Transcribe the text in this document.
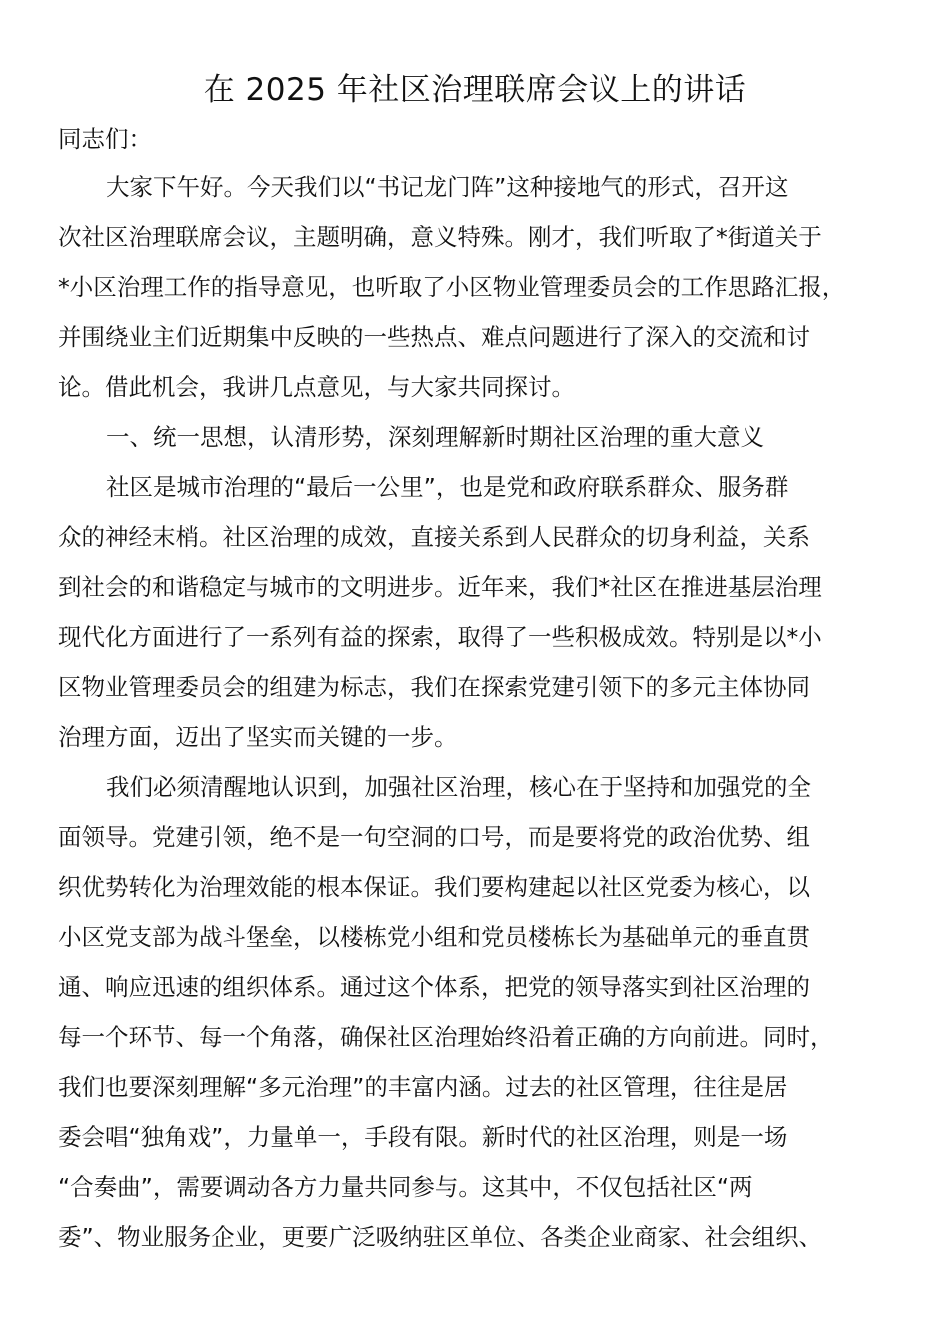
在 2025 年社区治理联席会议上的讲话

同志们：

大家下午好。今天我们以“书记龙门阵”这种接地气的形式，召开这

次社区治理联席会议，主题明确，意义特殊。刚才，我们听取了*街道关于

*小区治理工作的指导意见，也听取了小区物业管理委员会的工作思路汇报，

并围绕业主们近期集中反映的一些热点、难点问题进行了深入的交流和讨

论。借此机会，我讲几点意见，与大家共同探讨。

一、统一思想，认清形势，深刻理解新时期社区治理的重大意义

社区是城市治理的“最后一公里”，也是党和政府联系群众、服务群

众的神经末梢。社区治理的成效，直接关系到人民群众的切身利益，关系

到社会的和谐稳定与城市的文明进步。近年来，我们*社区在推进基层治理

现代化方面进行了一系列有益的探索，取得了一些积极成效。特别是以*小

区物业管理委员会的组建为标志，我们在探索党建引领下的多元主体协同

治理方面，迈出了坚实而关键的一步。

我们必须清醒地认识到，加强社区治理，核心在于坚持和加强党的全

面领导。党建引领，绝不是一句空洞的口号，而是要将党的政治优势、组

织优势转化为治理效能的根本保证。我们要构建起以社区党委为核心，以

小区党支部为战斗堡垒，以楼栋党小组和党员楼栋长为基础单元的垂直贯

通、响应迅速的组织体系。通过这个体系，把党的领导落实到社区治理的

每一个环节、每一个角落，确保社区治理始终沿着正确的方向前进。同时，

我们也要深刻理解“多元治理”的丰富内涵。过去的社区管理，往往是居

委会唱“独角戏”，力量单一，手段有限。新时代的社区治理，则是一场

“合奏曲”，需要调动各方力量共同参与。这其中，不仅包括社区“两

委”、物业服务企业，更要广泛吸纳驻区单位、各类企业商家、社会组织、
